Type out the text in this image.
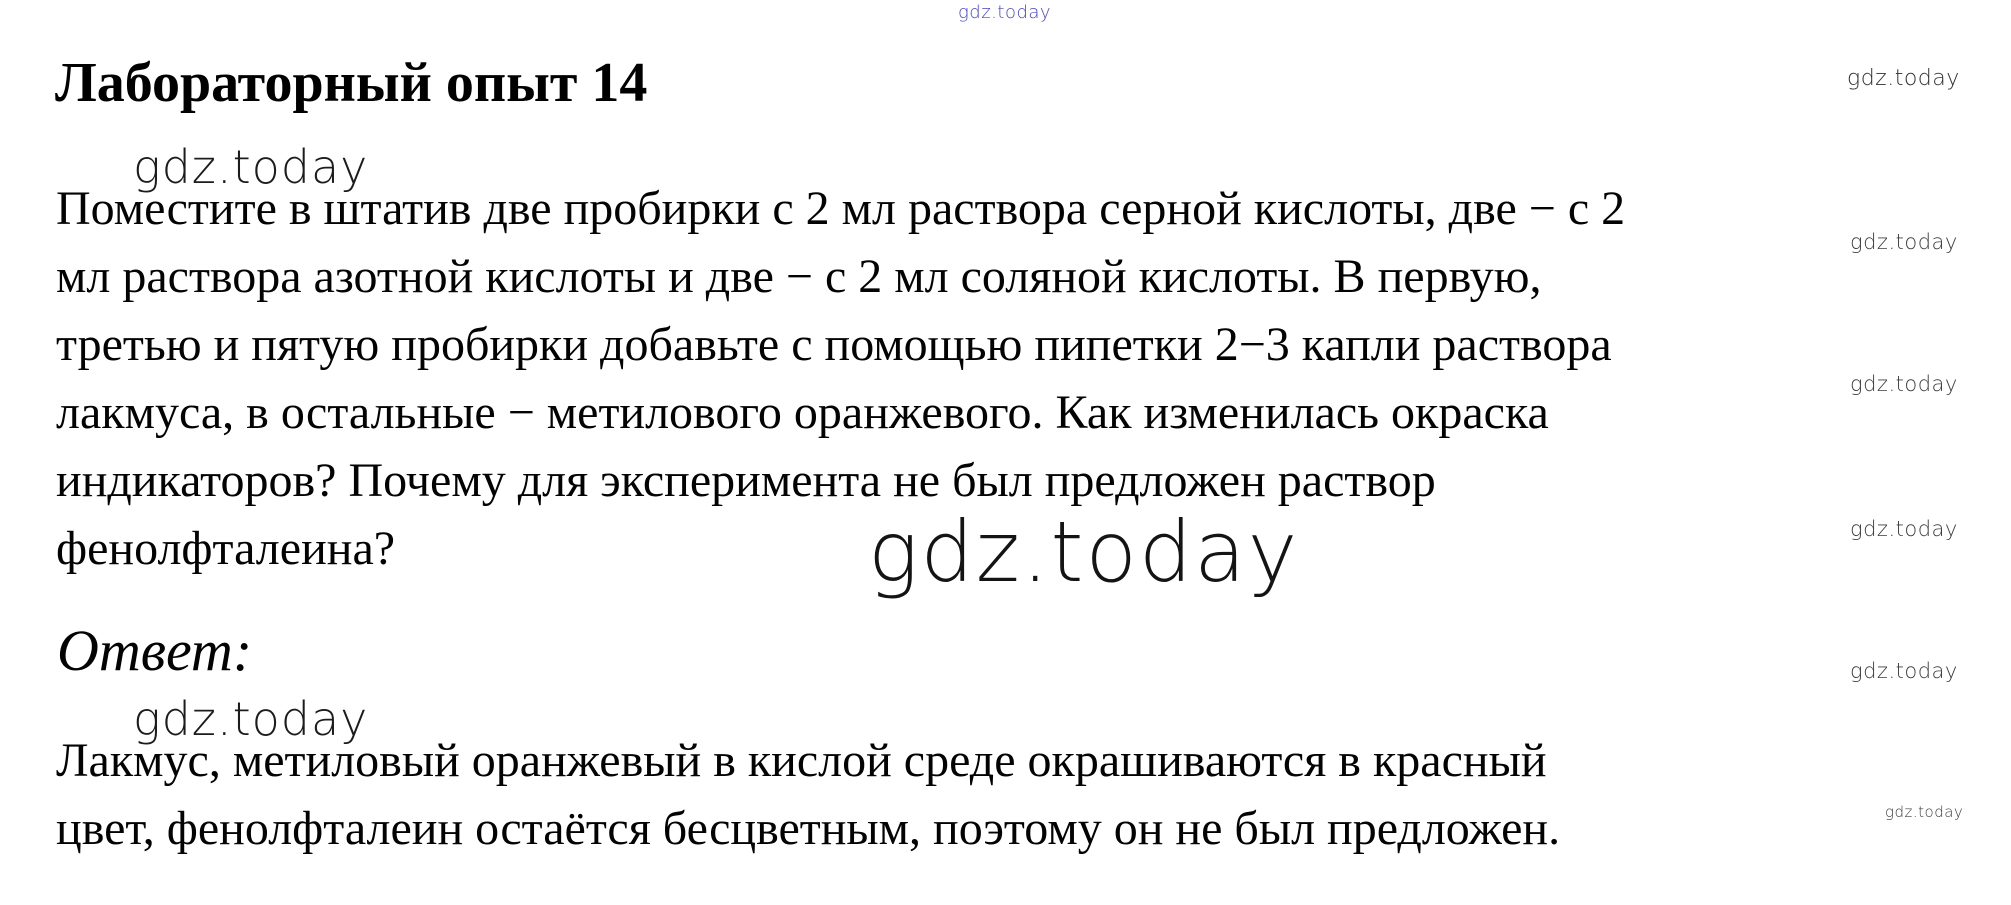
gdz.today
gdz.today
Лабораторный опыт 14
gdz.today
Поместите в штатив две пробирки с 2 мл раствора серной кислоты, две − с 2
мл раствора азотной кислоты и две − с 2 мл соляной кислоты. В первую,
третью и пятую пробирки добавьте с помощью пипетки 2−3 капли раствора
лакмуса, в остальные − метилового оранжевого. Как изменилась окраска
индикаторов? Почему для эксперимента не был предложен раствор
фенолфталеина?
gdz.today
gdz.today
gdz.today
gdz.today
gdz.today
Ответ:
gdz.today
Лакмус, метиловый оранжевый в кислой среде окрашиваются в красный
цвет, фенолфталеин остаётся бесцветным, поэтому он не был предложен.	gdz.today
